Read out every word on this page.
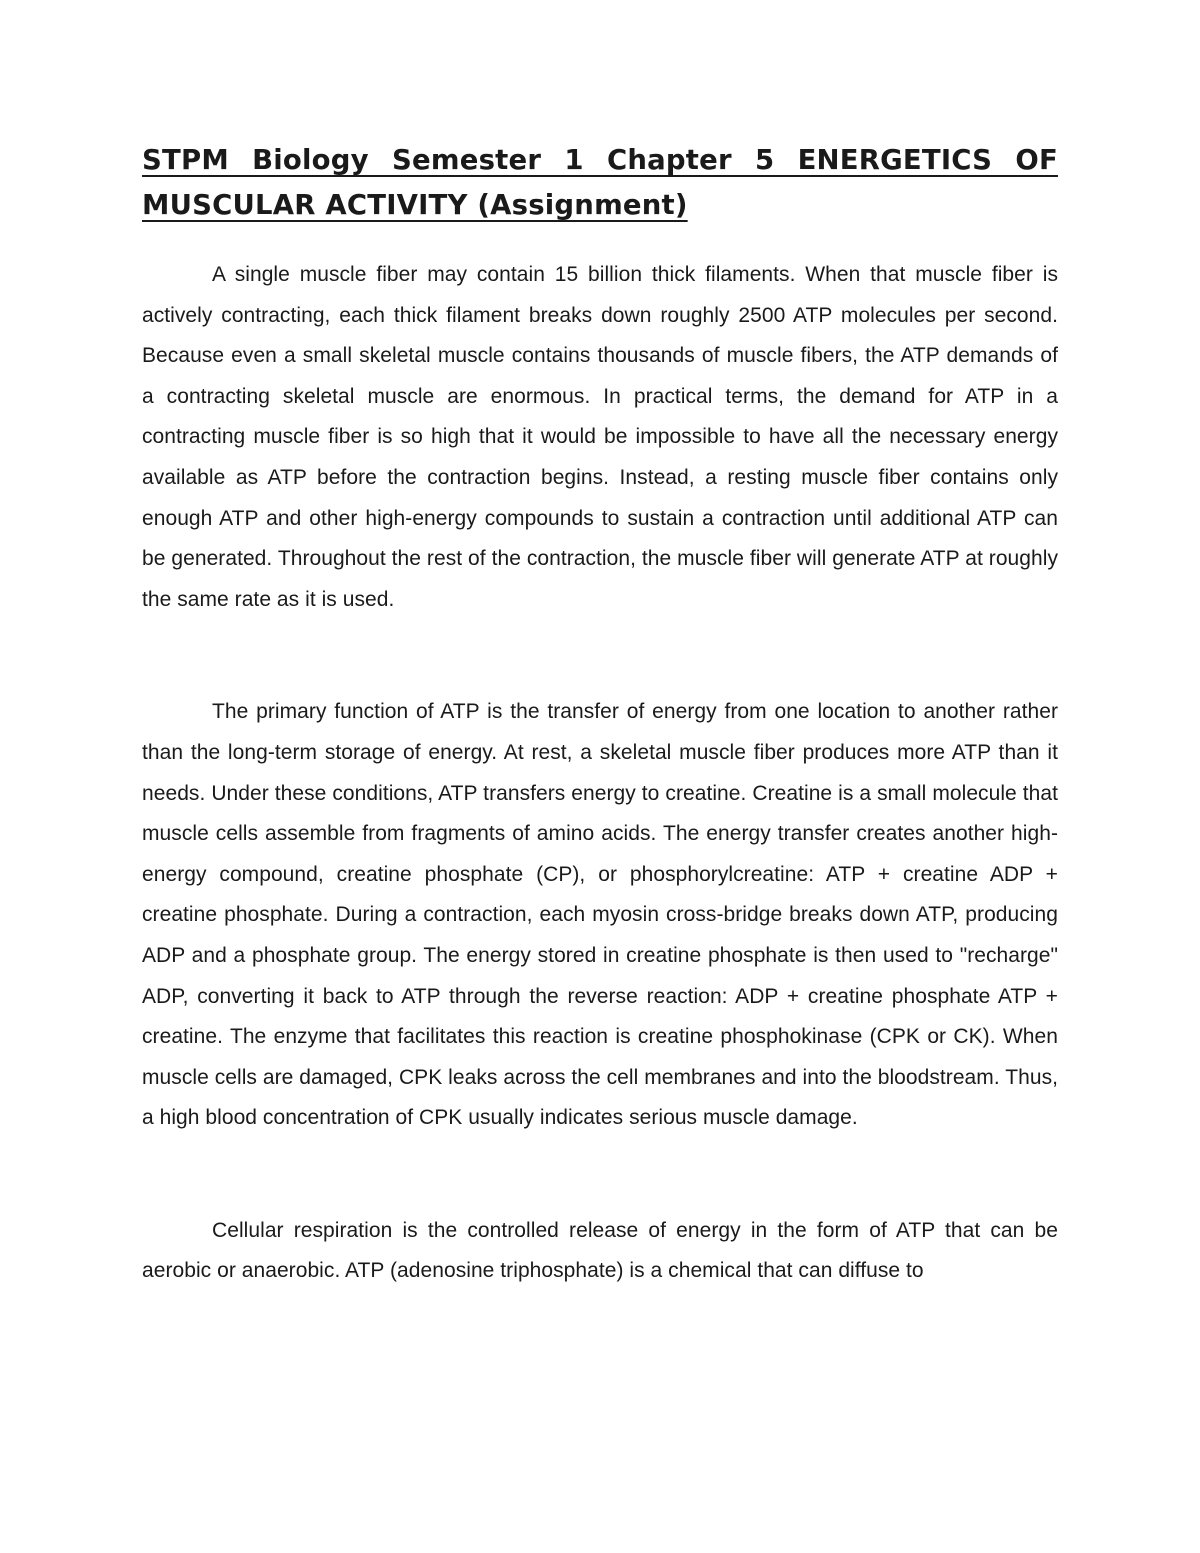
STPM Biology Semester 1 Chapter 5 ENERGETICS OF
MUSCULAR ACTIVITY (Assignment)

A single muscle fiber may contain 15 billion thick filaments. When that muscle fiber is actively contracting, each thick filament breaks down roughly 2500 ATP molecules per second. Because even a small skeletal muscle contains thousands of muscle fibers, the ATP demands of a contracting skeletal muscle are enormous. In practical terms, the demand for ATP in a contracting muscle fiber is so high that it would be impossible to have all the necessary energy available as ATP before the contraction begins. Instead, a resting muscle fiber contains only enough ATP and other high-energy compounds to sustain a contraction until additional ATP can be generated. Throughout the rest of the contraction, the muscle fiber will generate ATP at roughly the same rate as it is used.

The primary function of ATP is the transfer of energy from one location to another rather than the long-term storage of energy. At rest, a skeletal muscle fiber produces more ATP than it needs. Under these conditions, ATP transfers energy to creatine. Creatine is a small molecule that muscle cells assemble from fragments of amino acids. The energy transfer creates another high-energy compound, creatine phosphate (CP), or phosphorylcreatine: ATP + creatine ADP + creatine phosphate. During a contraction, each myosin cross-bridge breaks down ATP, producing ADP and a phosphate group. The energy stored in creatine phosphate is then used to "recharge" ADP, converting it back to ATP through the reverse reaction: ADP + creatine phosphate ATP + creatine. The enzyme that facilitates this reaction is creatine phosphokinase (CPK or CK). When muscle cells are damaged, CPK leaks across the cell membranes and into the bloodstream. Thus, a high blood concentration of CPK usually indicates serious muscle damage.

Cellular respiration is the controlled release of energy in the form of ATP that can be aerobic or anaerobic. ATP (adenosine triphosphate) is a chemical that can diffuse to
